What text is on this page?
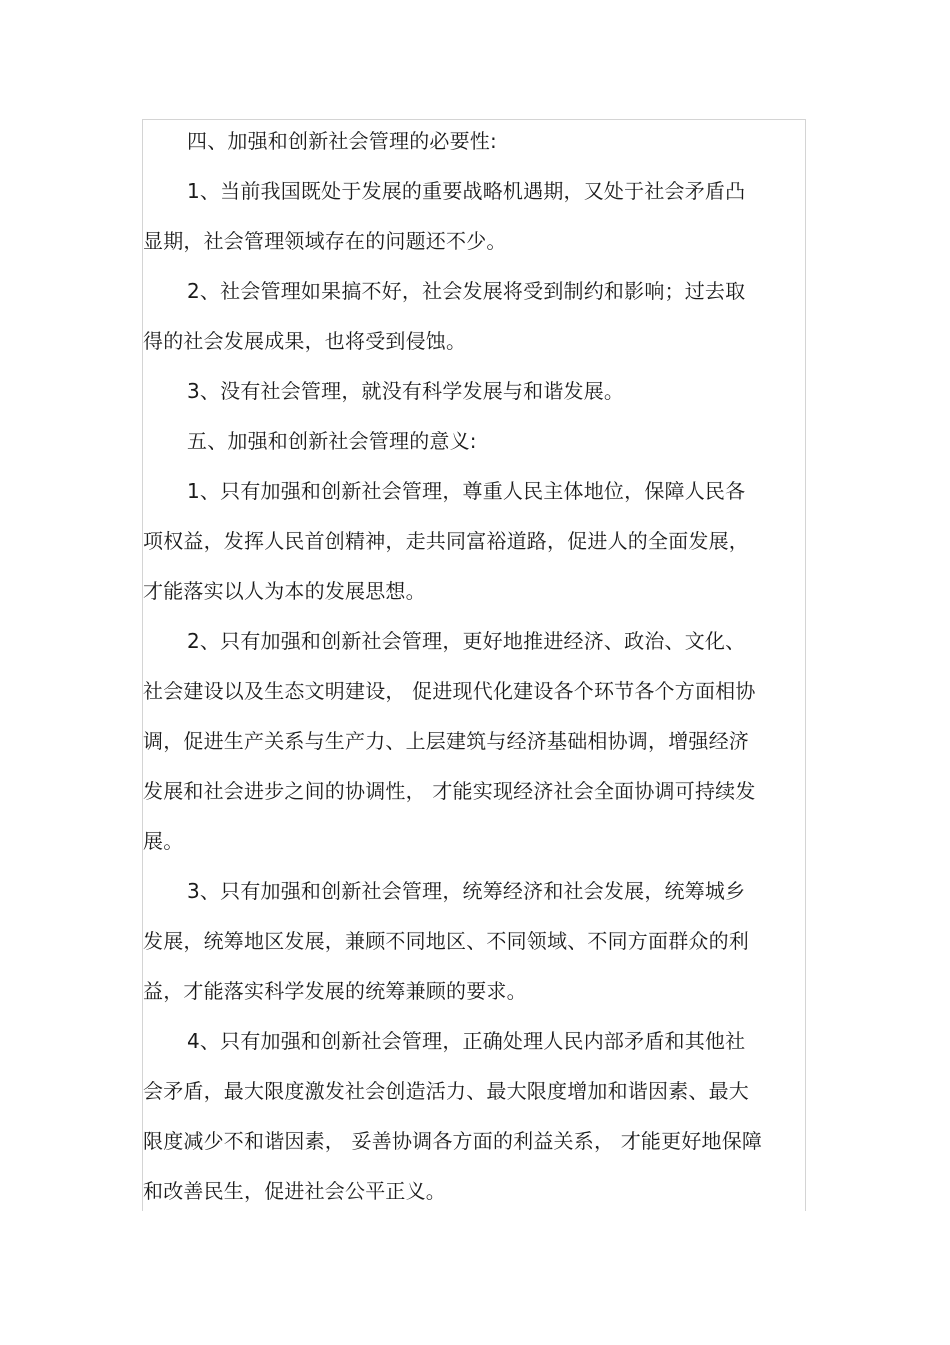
四、加强和创新社会管理的必要性:
1、当前我国既处于发展的重要战略机遇期，又处于社会矛盾凸
显期，社会管理领域存在的问题还不少。
2、社会管理如果搞不好，社会发展将受到制约和影响；过去取
得的社会发展成果，也将受到侵蚀。
3、没有社会管理，就没有科学发展与和谐发展。
五、加强和创新社会管理的意义:
1、只有加强和创新社会管理，尊重人民主体地位，保障人民各
项权益，发挥人民首创精神，走共同富裕道路，促进人的全面发展，
才能落实以人为本的发展思想。
2、只有加强和创新社会管理，更好地推进经济、政治、文化、
社会建设以及生态文明建设， 促进现代化建设各个环节各个方面相协
调，促进生产关系与生产力、上层建筑与经济基础相协调，增强经济
发展和社会进步之间的协调性， 才能实现经济社会全面协调可持续发
展。
3、只有加强和创新社会管理，统筹经济和社会发展，统筹城乡
发展，统筹地区发展，兼顾不同地区、不同领域、不同方面群众的利
益，才能落实科学发展的统筹兼顾的要求。
4、只有加强和创新社会管理，正确处理人民内部矛盾和其他社
会矛盾，最大限度激发社会创造活力、最大限度增加和谐因素、最大
限度减少不和谐因素， 妥善协调各方面的利益关系， 才能更好地保障
和改善民生，促进社会公平正义。
